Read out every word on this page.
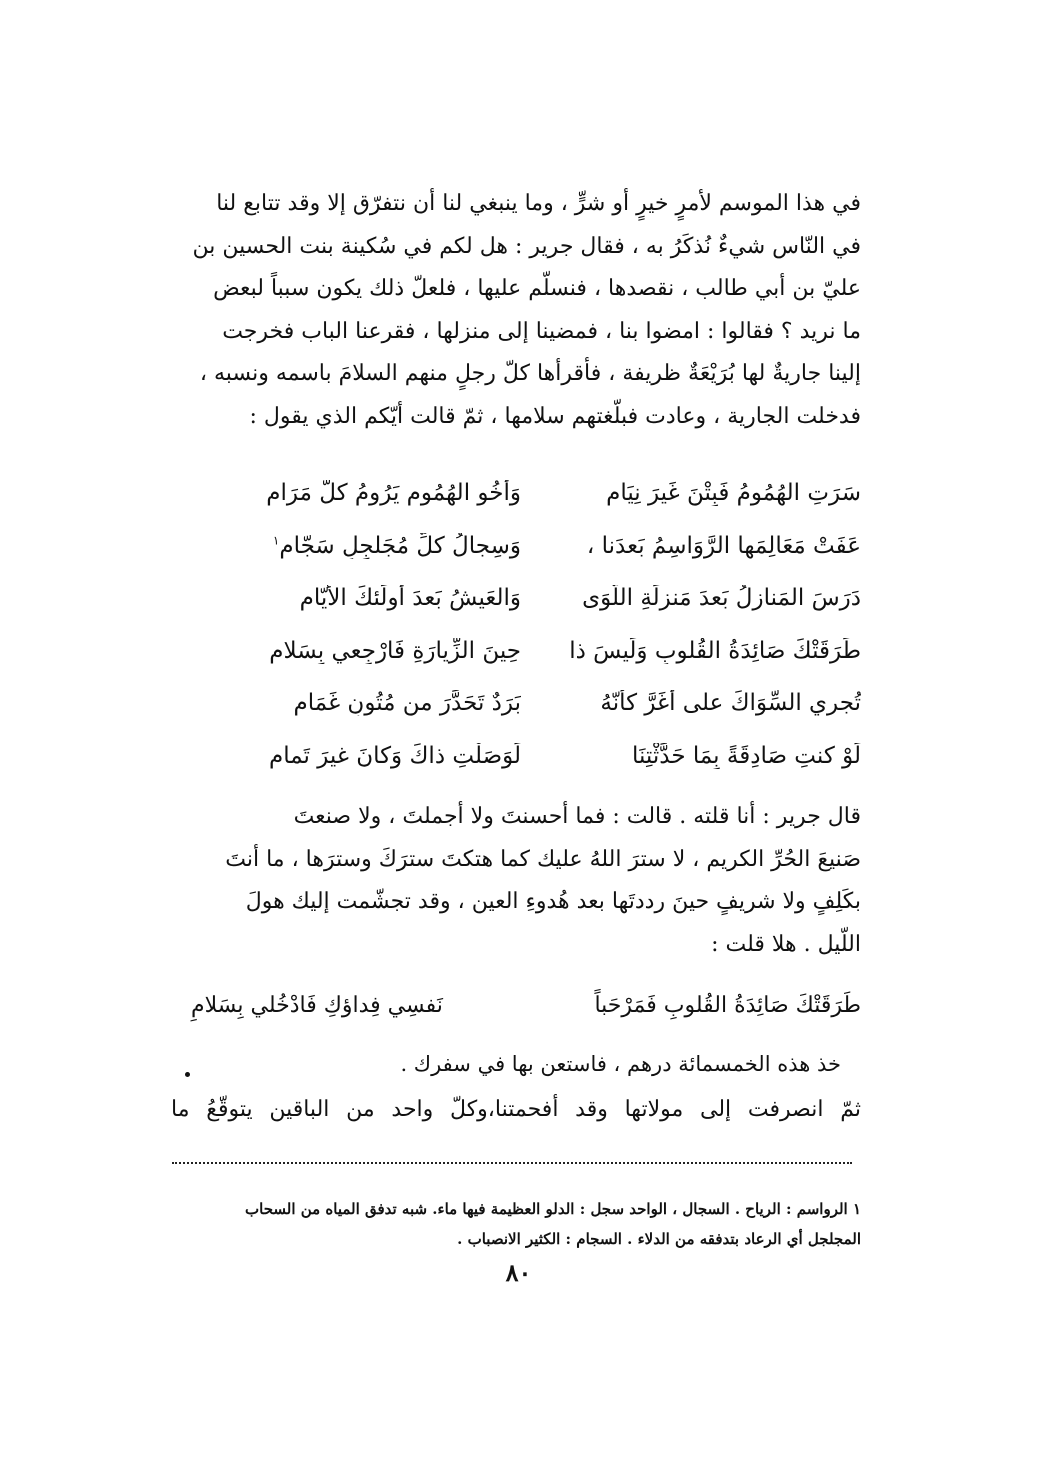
في هذا الموسم لأمرٍ خيرٍ أو شرٍّ ، وما ينبغي لنا أن نتفرّق إلا وقد تتابع لنا
في النّاس شيءٌ نُذكَرُ به ، فقال جرير : هل لكم في سُكينة بنت الحسين بن
عليّ بن أبي طالب ، نقصدها ، فنسلّم عليها ، فلعلّ ذلك يكون سبباً لبعض
ما نريد ؟ فقالوا : امضوا بنا ، فمضينا إلى منزلها ، فقرعنا الباب فخرجت
إلينا جاريةٌ لها بُرَيْعَةٌ ظريفة ، فأقرأها كلّ رجلٍ منهم السلامَ باسمه ونسبه ،
فدخلت الجارية ، وعادت فبلّغتهم سلامها ، ثمّ قالت أيّكم الذي يقول :
سَرَتِ الهُمُومُ فَبِتْنَ غَيرَ نِيَامِ
وَأَخُو الهُمُومِ يَرُومُ كلَّ مَرَامِ
عَفَتْ مَعَالِمَها الرَّوَاسِمُ بَعدَنا ،
وَسِجالُ كلِّ مُجَلجِلٍ سَجّامِ$^١$
دَرَسَ المَنازِلُ بَعدَ مَنزِلَةِ اللّوَى
وَالعَيشُ بَعدَ أُولَئكَ الأيّامِ
طَرَقَتْكَ صَائِدَةُ القُلوبِ وَلَيسَ ذا
حِينَ الزِّيارَةِ فَارْجِعي بِسَلامِ
تُجرِي السِّوَاكَ على أغَرَّ كأنّهُ
بَرَدٌ تَحَدَّرَ من مُتُونِ غَمَامِ
لَوْ كنتِ صَادِقَةً بِمَا حَدَّثْتِنَا
لَوَصَلْتِ ذاكَ وَكانَ غيرَ تَمامِ
قال جرير : أنا قلته . قالت : فما أحسنتَ ولا أجملتَ ، ولا صنعتَ
صَنيعَ الحُرِّ الكريم ، لا سترَ اللهُ عليك كما هتكتَ سترَكَ وسترَها ، ما أنتَ
بكَلِفٍ ولا شريفٍ حينَ رددتَها بعد هُدوءِ العين ، وقد تجشّمت إليك هولَ
اللّيل . هلا قلت :
طَرَقَتْكَ صَائِدَةُ القُلوبِ فَمَرْحَباً
نَفسِي فِداؤكِ فَادْخُلي بِسَلامِ
خذ هذه الخمسمائة درهم ، فاستعن بها في سفرك .
ثمّ انصرفت إلى مولاتها وقد أفحمتنا،وكلّ واحد من الباقين يتوقّعُ ما
١ الرواسم : الرياح . السجال ، الواحد سجل : الدلو العظيمة فيها ماء. شبه تدفق المياه من السحاب
المجلجل أي الرعاد بتدفقه من الدلاء . السجام : الكثير الانصباب .
٨٠
